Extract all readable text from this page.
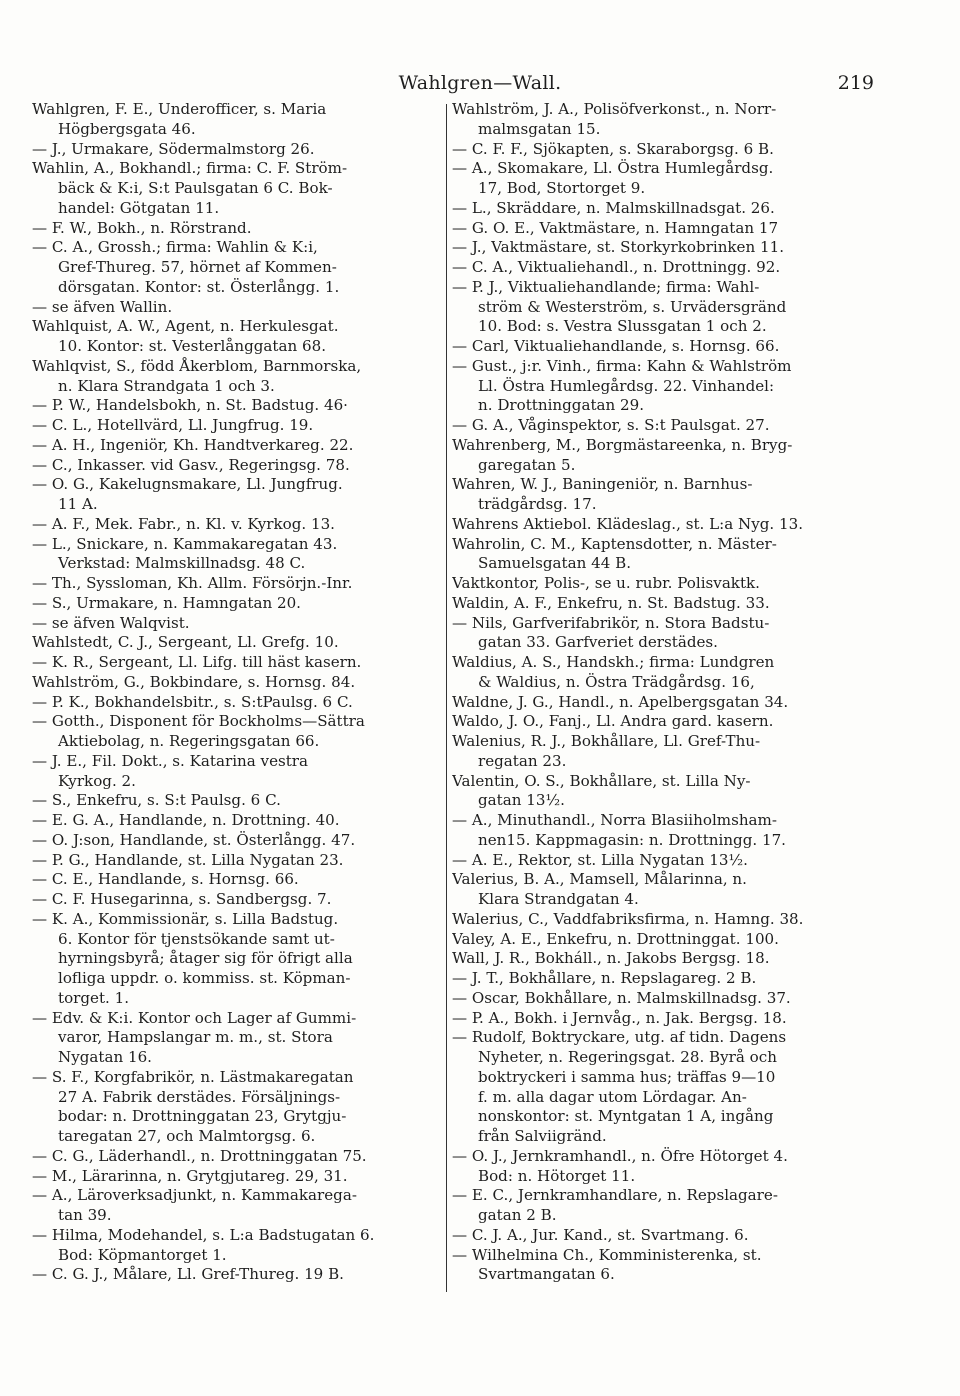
Wahlgren—Wall.	219
Wahlgren, F. E., Underofficer, s. Maria
Högbergsgata 46.
— J., Urmakare, Södermalmstorg 26.
Wahlin, A., Bokhandl.; firma: C. F. Ström-
bäck & K:i, S:t Paulsgatan 6 C. Bok-
handel: Götgatan 11.
— F. W., Bokh., n. Rörstrand.
— C. A., Grossh.; firma: Wahlin & K:i,
Gref-Thureg. 57, hörnet af Kommen-
dörsgatan. Kontor: st. Österlångg. 1.
— se äfven Wallin.
Wahlquist, A. W., Agent, n. Herkulesgat.
10. Kontor: st. Vesterlånggatan 68.
Wahlqvist, S., född Åkerblom, Barnmorska,
n. Klara Strandgata 1 och 3.
— P. W., Handelsbokh, n. St. Badstug. 46·
— C. L., Hotellvärd, Ll. Jungfrug. 19.
— A. H., Ingeniör, Kh. Handtverkareg. 22.
— C., Inkasser. vid Gasv., Regeringsg. 78.
— O. G., Kakelugnsmakare, Ll. Jungfrug.
11 A.
— A. F., Mek. Fabr., n. Kl. v. Kyrkog. 13.
— L., Snickare, n. Kammakaregatan 43.
Verkstad: Malmskillnadsg. 48 C.
— Th., Syssloman, Kh. Allm. Försörjn.-Inr.
— S., Urmakare, n. Hamngatan 20.
— se äfven Walqvist.
Wahlstedt, C. J., Sergeant, Ll. Grefg. 10.
— K. R., Sergeant, Ll. Lifg. till häst kasern.
Wahlström, G., Bokbindare, s. Hornsg. 84.
— P. K., Bokhandelsbitr., s. S:tPaulsg. 6 C.
— Gotth., Disponent för Bockholms—Sättra
Aktiebolag, n. Regeringsgatan 66.
— J. E., Fil. Dokt., s. Katarina vestra
Kyrkog. 2.
— S., Enkefru, s. S:t Paulsg. 6 C.
— E. G. A., Handlande, n. Drottning. 40.
— O. J:son, Handlande, st. Österlångg. 47.
— P. G., Handlande, st. Lilla Nygatan 23.
— C. E., Handlande, s. Hornsg. 66.
— C. F. Husegarinna, s. Sandbergsg. 7.
— K. A., Kommissionär, s. Lilla Badstug.
6. Kontor för tjenstsökande samt ut-
hyrningsbyrå; åtager sig för öfrigt alla
lofliga uppdr. o. kommiss. st. Köpman-
torget. 1.
— Edv. & K:i. Kontor och Lager af Gummi-
varor, Hampslangar m. m., st. Stora
Nygatan 16.
— S. F., Korgfabrikör, n. Lästmakaregatan
27 A. Fabrik derstädes. Försäljnings-
bodar: n. Drottninggatan 23, Grytgju-
taregatan 27, och Malmtorgsg. 6.
— C. G., Läderhandl., n. Drottninggatan 75.
— M., Lärarinna, n. Grytgjutareg. 29, 31.
— A., Läroverksadjunkt, n. Kammakarega-
tan 39.
— Hilma, Modehandel, s. L:a Badstugatan 6.
Bod: Köpmantorget 1.
— C. G. J., Målare, Ll. Gref-Thureg. 19 B.
Wahlström, J. A., Polisöfverkonst., n. Norr-
malmsgatan 15.
— C. F. F., Sjökapten, s. Skaraborgsg. 6 B.
— A., Skomakare, Ll. Östra Humlegårdsg.
17, Bod, Stortorget 9.
— L., Skräddare, n. Malmskillnadsgat. 26.
— G. O. E., Vaktmästare, n. Hamngatan 17
— J., Vaktmästare, st. Storkyrkobrinken 11.
— C. A., Viktualiehandl., n. Drottningg. 92.
— P. J., Viktualiehandlande; firma: Wahl-
ström & Westerström, s. Urvädersgränd
10. Bod: s. Vestra Slussgatan 1 och 2.
— Carl, Viktualiehandlande, s. Hornsg. 66.
— Gust., j:r. Vinh., firma: Kahn & Wahlström
Ll. Östra Humlegårdsg. 22. Vinhandel:
n. Drottninggatan 29.
— G. A., Våginspektor, s. S:t Paulsgat. 27.
Wahrenberg, M., Borgmästareenka, n. Bryg-
garegatan 5.
Wahren, W. J., Baningeniör, n. Barnhus-
trädgårdsg. 17.
Wahrens Aktiebol. Klädeslag., st. L:a Nyg. 13.
Wahrolin, C. M., Kaptensdotter, n. Mäster-
Samuelsgatan 44 B.
Vaktkontor, Polis-, se u. rubr. Polisvaktk.
Waldin, A. F., Enkefru, n. St. Badstug. 33.
— Nils, Garfverifabrikör, n. Stora Badstu-
gatan 33. Garfveriet derstädes.
Waldius, A. S., Handskh.; firma: Lundgren
& Waldius, n. Östra Trädgårdsg. 16,
Waldne, J. G., Handl., n. Apelbergsgatan 34.
Waldo, J. O., Fanj., Ll. Andra gard. kasern.
Walenius, R. J., Bokhållare, Ll. Gref-Thu-
regatan 23.
Valentin, O. S., Bokhållare, st. Lilla Ny-
gatan 13½.
— A., Minuthandl., Norra Blasiiholmsham-
nen15. Kappmagasin: n. Drottningg. 17.
— A. E., Rektor, st. Lilla Nygatan 13½.
Valerius, B. A., Mamsell, Målarinna, n.
Klara Strandgatan 4.
Walerius, C., Vaddfabriksfirma, n. Hamng. 38.
Valey, A. E., Enkefru, n. Drottninggat. 100.
Wall, J. R., Bokháll., n. Jakobs Bergsg. 18.
— J. T., Bokhållare, n. Repslagareg. 2 B.
— Oscar, Bokhållare, n. Malmskillnadsg. 37.
— P. A., Bokh. i Jernvåg., n. Jak. Bergsg. 18.
— Rudolf, Boktryckare, utg. af tidn. Dagens
Nyheter, n. Regeringsgat. 28. Byrå och
boktryckeri i samma hus; träffas 9—10
f. m. alla dagar utom Lördagar. An-
nonskontor: st. Myntgatan 1 A, ingång
från Salviigränd.
— O. J., Jernkramhandl., n. Öfre Hötorget 4.
Bod: n. Hötorget 11.
— E. C., Jernkramhandlare, n. Repslagare-
gatan 2 B.
— C. J. A., Jur. Kand., st. Svartmang. 6.
— Wilhelmina Ch., Komministerenka, st.
Svartmangatan 6.
